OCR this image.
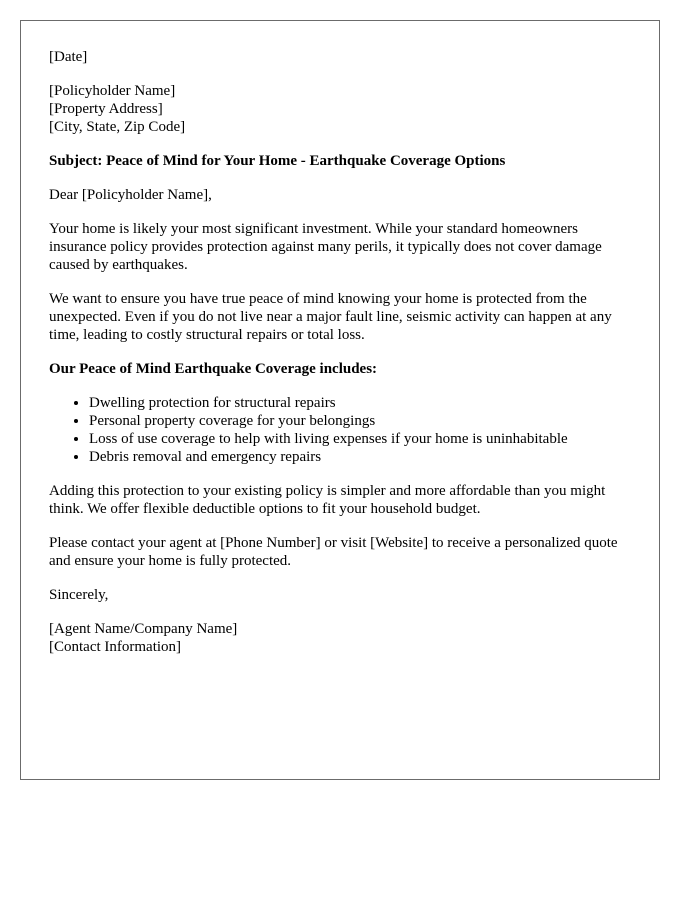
[Date]

[Policyholder Name]
[Property Address]
[City, State, Zip Code]

Subject: Peace of Mind for Your Home - Earthquake Coverage Options

Dear [Policyholder Name],

Your home is likely your most significant investment. While your standard homeowners insurance policy provides protection against many perils, it typically does not cover damage caused by earthquakes.

We want to ensure you have true peace of mind knowing your home is protected from the unexpected. Even if you do not live near a major fault line, seismic activity can happen at any time, leading to costly structural repairs or total loss.

Our Peace of Mind Earthquake Coverage includes:

• Dwelling protection for structural repairs
• Personal property coverage for your belongings
• Loss of use coverage to help with living expenses if your home is uninhabitable
• Debris removal and emergency repairs

Adding this protection to your existing policy is simpler and more affordable than you might think. We offer flexible deductible options to fit your household budget.

Please contact your agent at [Phone Number] or visit [Website] to receive a personalized quote and ensure your home is fully protected.

Sincerely,

[Agent Name/Company Name]
[Contact Information]
